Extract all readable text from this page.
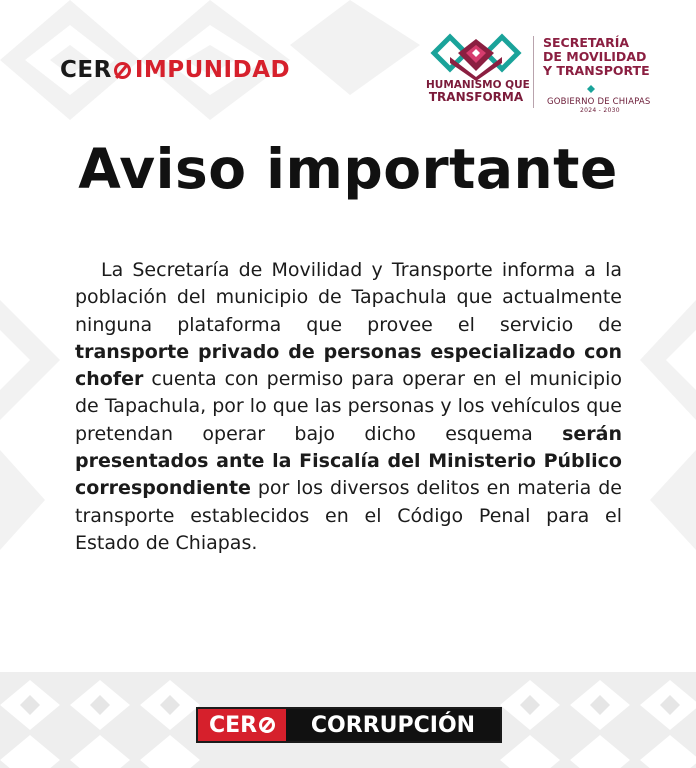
CER IMPUNIDAD
HUMANISMO QUE
TRANSFORMA
SECRETARÍA
DE MOVILIDAD
Y TRANSPORTE
GOBIERNO DE CHIAPAS
2024 - 2030
Aviso importante
La Secretaría de Movilidad y Transporte informa a la población del municipio de Tapachula que actualmente ninguna plataforma que provee el servicio de transporte privado de personas especializado con chofer cuenta con permiso para operar en el municipio de Tapachula, por lo que las personas y los vehículos que pretendan operar bajo dicho esquema serán presentados ante la Fiscalía del Ministerio Público correspondiente por los diversos delitos en materia de transporte establecidos en el Código Penal para el Estado de Chiapas.
CER CORRUPCIÓN
